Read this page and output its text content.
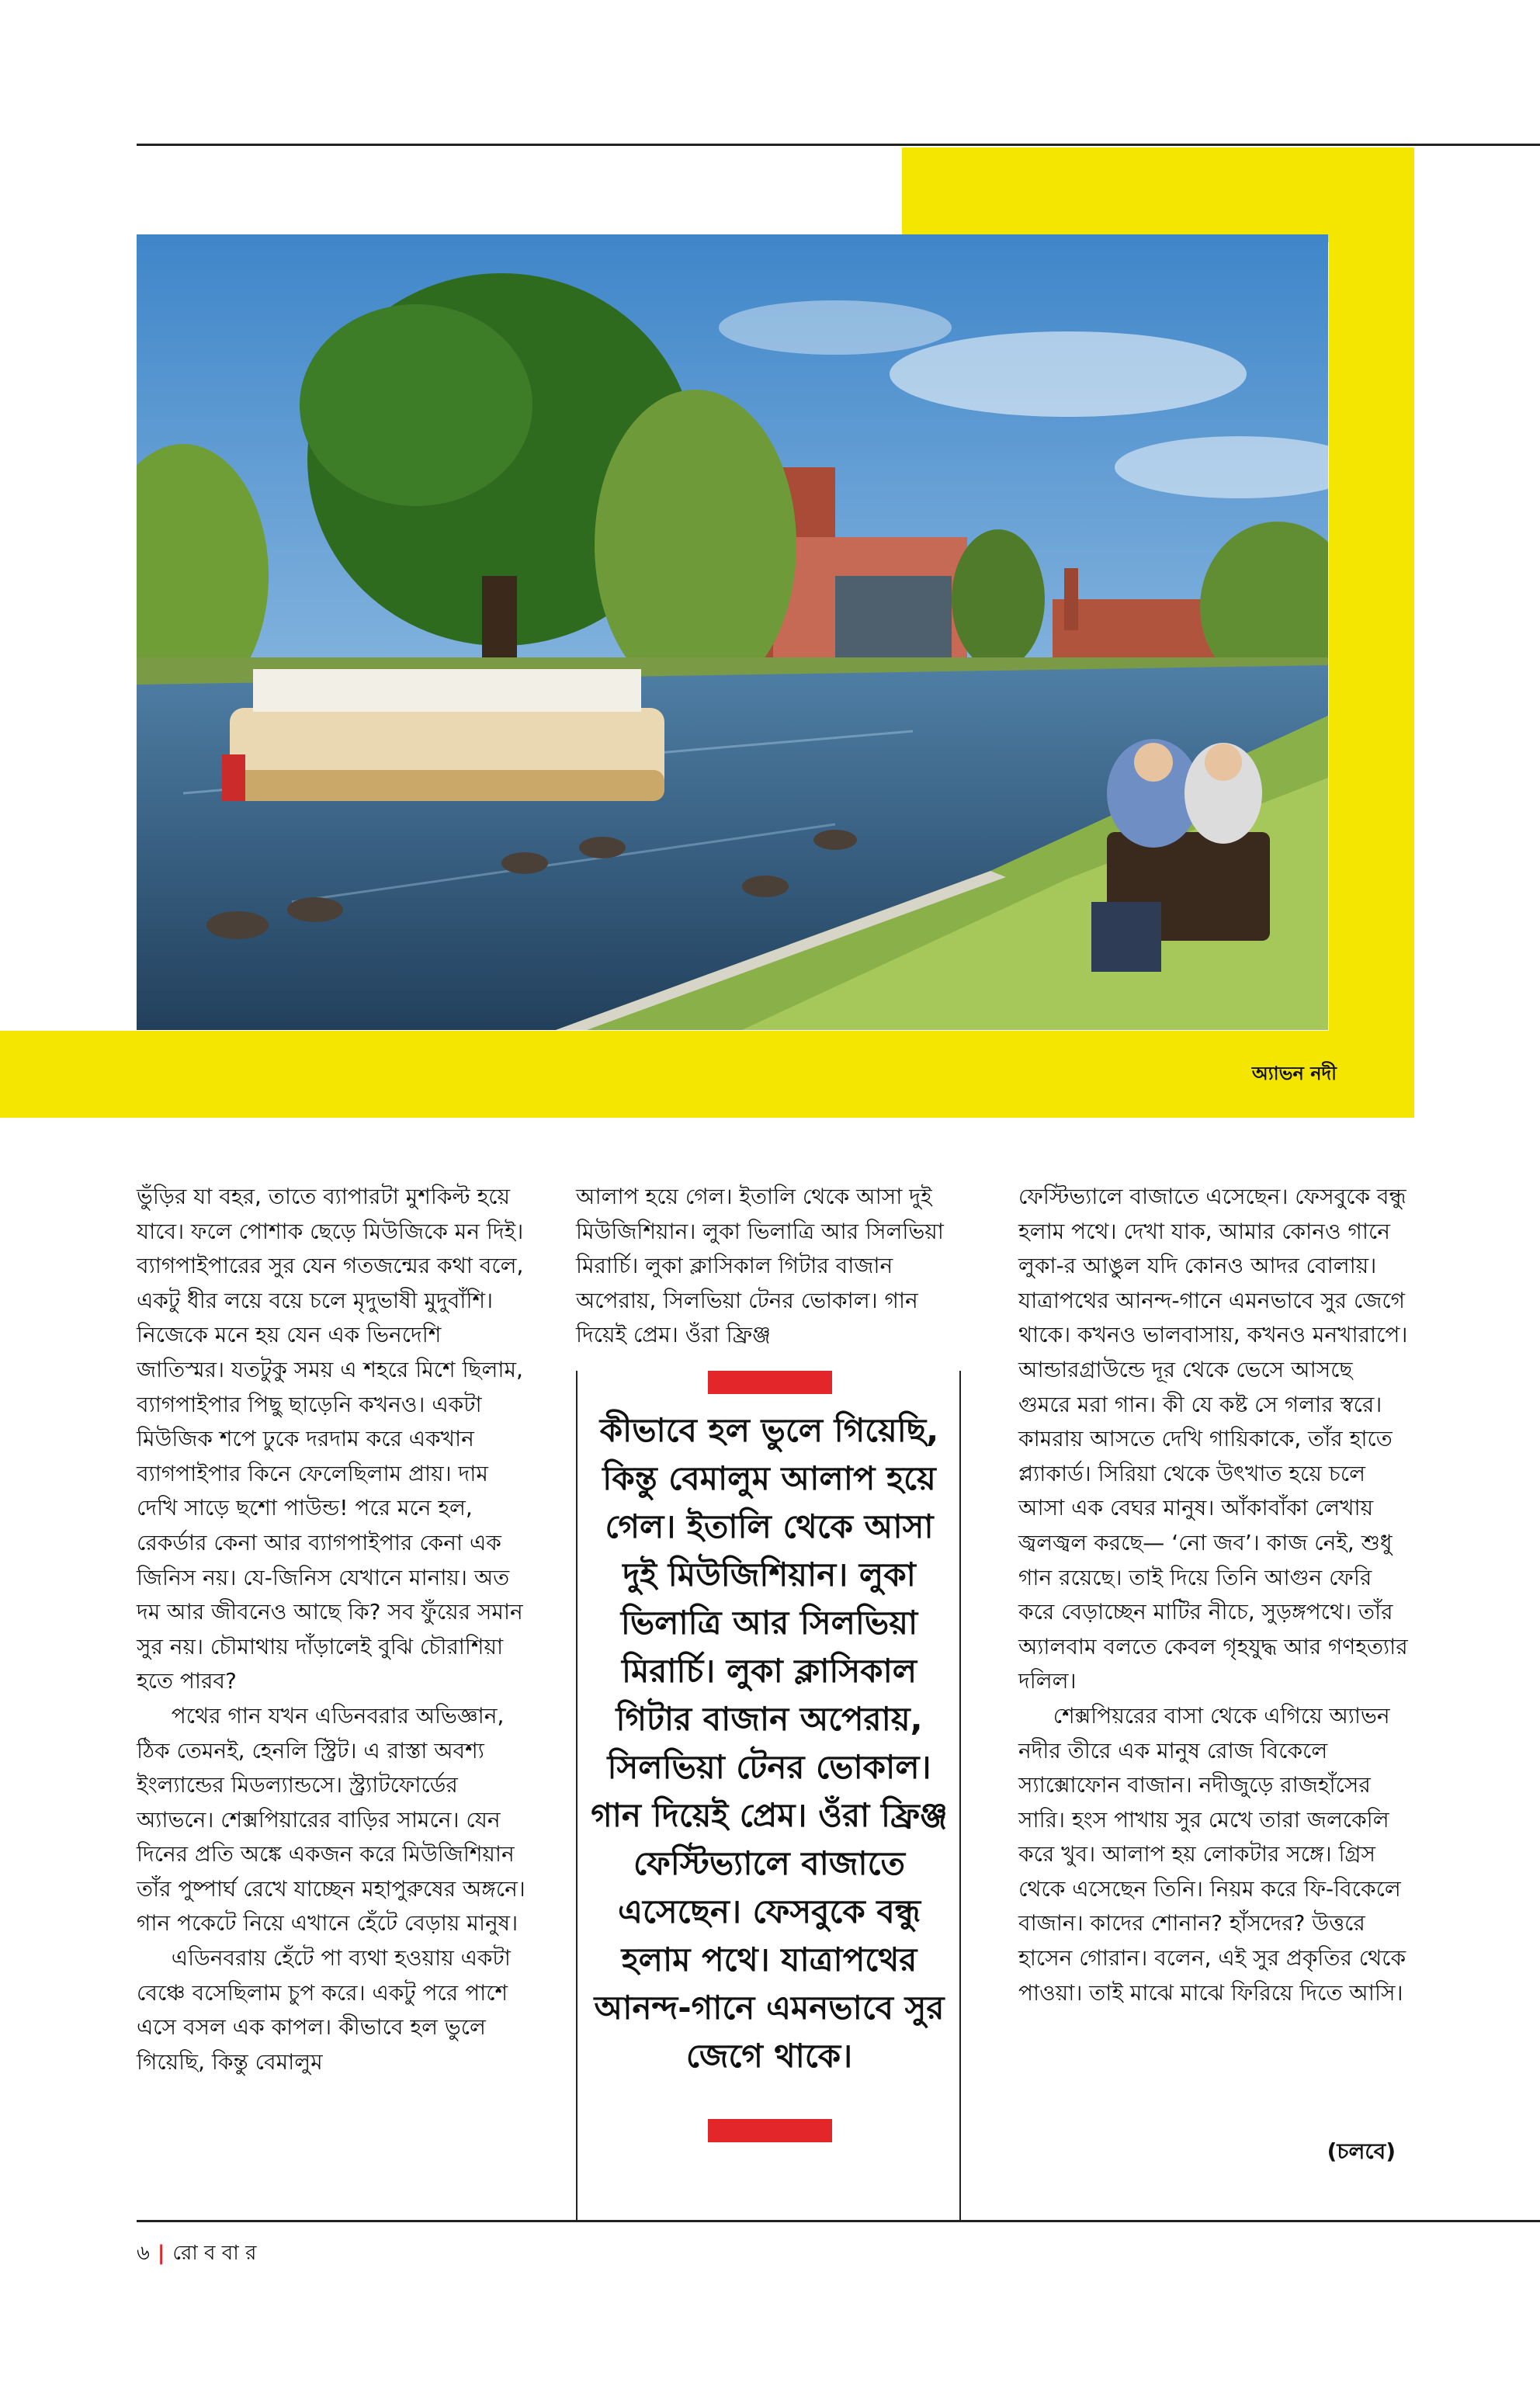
অ্যাভন নদী

ভুঁড়ির যা বহর, তাতে ব্যাপারটা মুশকিল্ট হয়ে যাবে। ফলে পোশাক ছেড়ে মিউজিকে মন দিই। ব্যাগপাইপারের সুর যেন গতজন্মের কথা বলে, একটু ধীর লয়ে বয়ে চলে মৃদুভাষী মুদুবাঁশি। নিজেকে মনে হয় যেন এক ভিনদেশি জাতিস্মর। যতটুকু সময় এ শহরে মিশে ছিলাম, ব্যাগপাইপার পিছু ছাড়েনি কখনও। একটা মিউজিক শপে ঢুকে দরদাম করে একখান ব্যাগপাইপার কিনে ফেলেছিলাম প্রায়। দাম দেখি সাড়ে ছশো পাউন্ড! পরে মনে হল, রেকর্ডার কেনা আর ব্যাগপাইপার কেনা এক জিনিস নয়। যে-জিনিস যেখানে মানায়। অত দম আর জীবনেও আছে কি? সব ফুঁয়ের সমান সুর নয়। চৌমাথায় দাঁড়ালেই বুঝি চৌরাশিয়া হতে পারব?

পথের গান যখন এডিনবরার অভিজ্ঞান, ঠিক তেমনই, হেনলি স্ট্রিট। এ রাস্তা অবশ্য ইংল্যান্ডের মিডল্যান্ডসে। স্ট্র্যাটফোর্ডের অ্যাভনে। শেক্সপিয়ারের বাড়ির সামনে। যেন দিনের প্রতি অঙ্কে একজন করে মিউজিশিয়ান তাঁর পুষ্পার্ঘ রেখে যাচ্ছেন মহাপুরুষের অঙ্গনে। গান পকেটে নিয়ে এখানে হেঁটে বেড়ায় মানুষ।

এডিনবরায় হেঁটে পা ব্যথা হওয়ায় একটা বেঞ্চে বসেছিলাম চুপ করে। একটু পরে পাশে এসে বসল এক কাপল। কীভাবে হল ভুলে গিয়েছি, কিন্তু বেমালুম

আলাপ হয়ে গেল। ইতালি থেকে আসা দুই মিউজিশিয়ান। লুকা ভিলাত্রি আর সিলভিয়া মিরার্চি। লুকা ক্লাসিকাল গিটার বাজান অপেরায়, সিলভিয়া টেনর ভোকাল। গান দিয়েই প্রেম। ওঁরা ফ্রিঞ্জ

কীভাবে হল ভুলে গিয়েছি, কিন্তু বেমালুম আলাপ হয়ে গেল। ইতালি থেকে আসা দুই মিউজিশিয়ান। লুকা ভিলাত্রি আর সিলভিয়া মিরার্চি। লুকা ক্লাসিকাল গিটার বাজান অপেরায়, সিলভিয়া টেনর ভোকাল। গান দিয়েই প্রেম। ওঁরা ফ্রিঞ্জ ফেস্টিভ্যালে বাজাতে এসেছেন। ফেসবুকে বন্ধু হলাম পথে। যাত্রাপথের আনন্দ-গানে এমনভাবে সুর জেগে থাকে।

ফেস্টিভ্যালে বাজাতে এসেছেন। ফেসবুকে বন্ধু হলাম পথে। দেখা যাক, আমার কোনও গানে লুকা-র আঙুল যদি কোনও আদর বোলায়। যাত্রাপথের আনন্দ-গানে এমনভাবে সুর জেগে থাকে। কখনও ভালবাসায়, কখনও মনখারাপে। আন্ডারগ্রাউন্ডে দূর থেকে ভেসে আসছে গুমরে মরা গান। কী যে কষ্ট সে গলার স্বরে। কামরায় আসতে দেখি গায়িকাকে, তাঁর হাতে প্ল্যাকার্ড। সিরিয়া থেকে উৎখাত হয়ে চলে আসা এক বেঘর মানুষ। আঁকাবাঁকা লেখায় জ্বলজ্বল করছে— ‘নো জব’। কাজ নেই, শুধু গান রয়েছে। তাই দিয়ে তিনি আগুন ফেরি করে বেড়াচ্ছেন মাটির নীচে, সুড়ঙ্গপথে। তাঁর অ্যালবাম বলতে কেবল গৃহযুদ্ধ আর গণহত্যার দলিল।

শেক্সপিয়রের বাসা থেকে এগিয়ে অ্যাভন নদীর তীরে এক মানুষ রোজ বিকেলে স্যাক্সোফোন বাজান। নদীজুড়ে রাজহাঁসের সারি। হংস পাখায় সুর মেখে তারা জলকেলি করে খুব। আলাপ হয় লোকটার সঙ্গে। গ্রিস থেকে এসেছেন তিনি। নিয়ম করে ফি-বিকেলে বাজান। কাদের শোনান? হাঁসদের? উত্তরে হাসেন গোরান। বলেন, এই সুর প্রকৃতির থেকে পাওয়া। তাই মাঝে মাঝে ফিরিয়ে দিতে আসি।

(চলবে)
৬ | রো ব বা র
